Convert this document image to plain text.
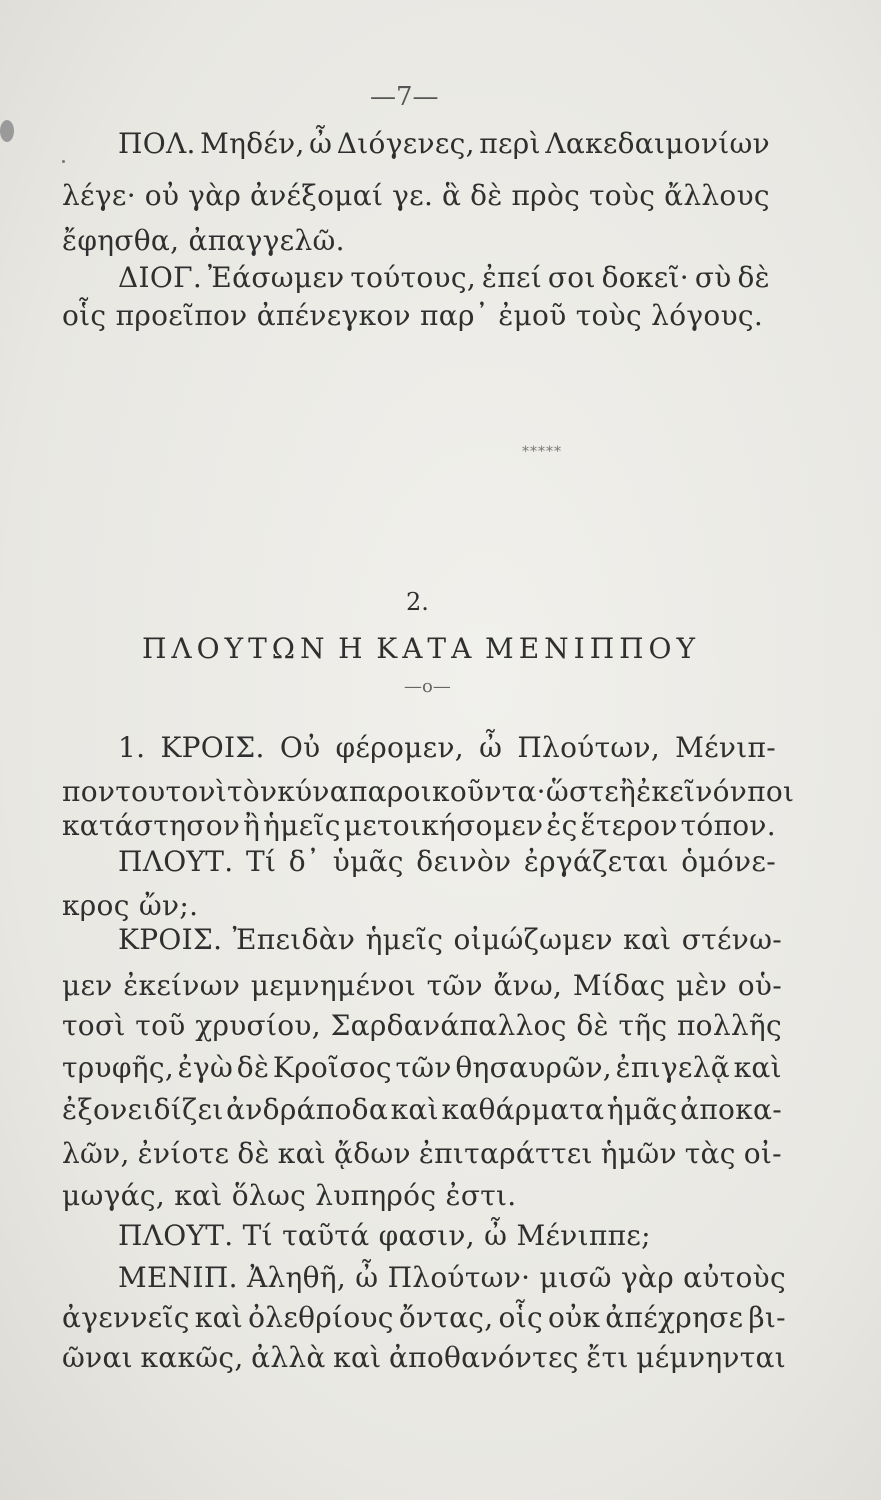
—7—
ΠΟΛ. Μηδέν, ὦ Διόγενες, περὶ Λακεδαιμονίων
λέγε· οὐ γὰρ ἀνέξομαί γε. ἃ δὲ πρὸς τοὺς ἄλλους
ἔφησθα, ἀπαγγελῶ.
ΔΙΟΓ. Ἐάσωμεν τούτους, ἐπεί σοι δοκεῖ· σὺ δὲ
οἷς προεῖπον ἀπένεγκον παρ᾽ ἐμοῦ τοὺς λόγους.
*****
2.
ΠΛΟΥΤΩΝ Η ΚΑΤΑ ΜΕΝΙΠΠΟΥ
—o—
1. ΚΡΟΙΣ. Οὐ φέρομεν, ὦ Πλούτων, Μένιπ-
πον τουτονὶ τὸν κύνα παροικοῦντα· ὥστε ἢ ἐκεῖνόν ποι
κατάστησον ἢ ἡμεῖς μετοικήσομεν ἐς ἕτερον τόπον.
ΠΛΟΥΤ. Τί δ᾽ ὑμᾶς δεινὸν ἐργάζεται ὁμόνε-
κρος ὤν;.
ΚΡΟΙΣ. Ἐπειδὰν ἡμεῖς οἰμώζωμεν καὶ στένω-
μεν ἐκείνων μεμνημένοι τῶν ἄνω, Μίδας μὲν οὑ-
τοσὶ τοῦ χρυσίου, Σαρδανάπαλλος δὲ τῆς πολλῆς
τρυφῆς, ἐγὼ δὲ Κροῖσος τῶν θησαυρῶν, ἐπιγελᾷ καὶ
ἐξονειδίζει ἀνδράποδα καὶ καθάρματα ἡμᾶς ἀποκα-
λῶν, ἐνίοτε δὲ καὶ ᾄδων ἐπιταράττει ἡμῶν τὰς οἰ-
μωγάς, καὶ ὅλως λυπηρός ἐστι.
ΠΛΟΥΤ. Τί ταῦτά φασιν, ὦ Μένιππε;
ΜΕΝΙΠ. Ἀληθῆ, ὦ Πλούτων· μισῶ γὰρ αὐτοὺς
ἀγεννεῖς καὶ ὀλεθρίους ὄντας, οἷς οὐκ ἀπέχρησε βι-
ῶναι κακῶς, ἀλλὰ καὶ ἀποθανόντες ἔτι μέμνηνται
